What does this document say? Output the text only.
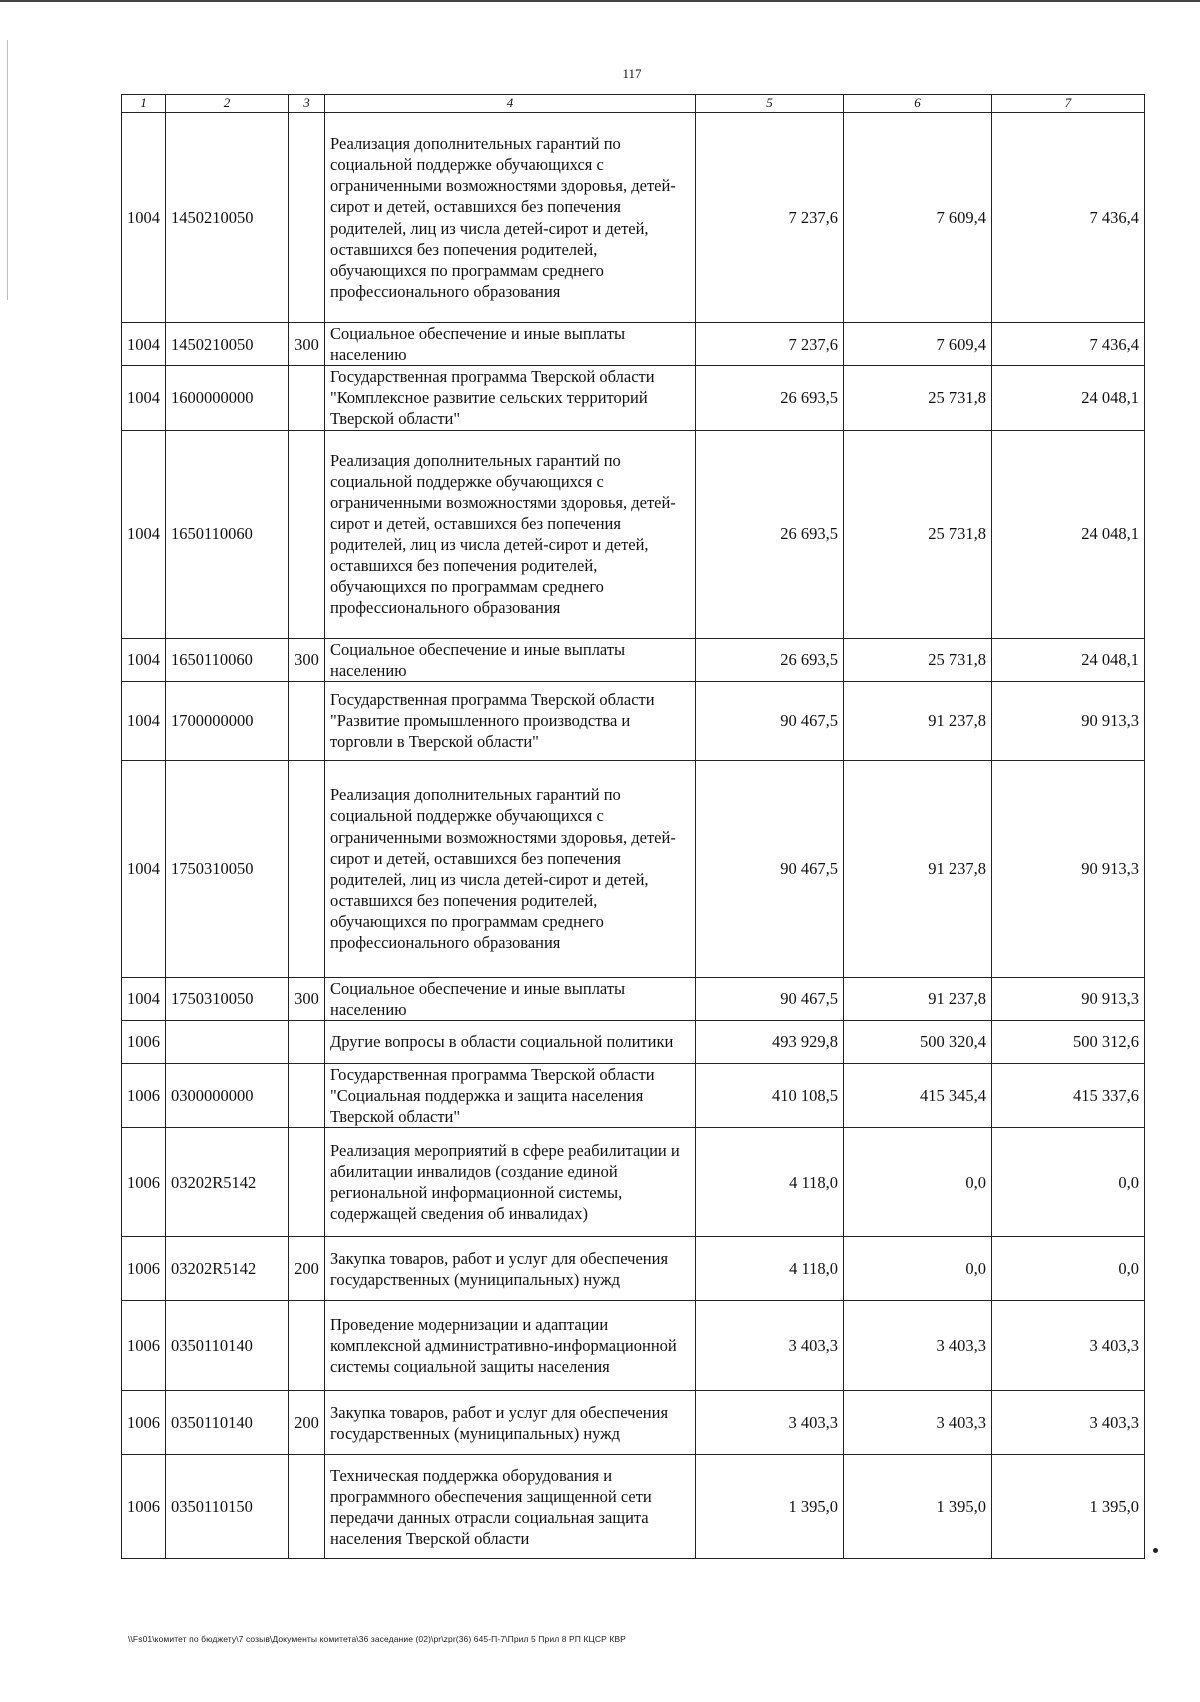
117
1	2	3	4	5	6	7
1004	1450210050		Реализация дополнительных гарантий по социальной поддержке обучающихся с ограниченными возможностями здоровья, детей-сирот и детей, оставшихся без попечения родителей, лиц из числа детей-сирот и детей, оставшихся без попечения родителей, обучающихся по программам среднего профессионального образования	7 237,6	7 609,4	7 436,4
1004	1450210050	300	Социальное обеспечение и иные выплаты населению	7 237,6	7 609,4	7 436,4
1004	1600000000		Государственная программа Тверской области "Комплексное развитие сельских территорий Тверской области"	26 693,5	25 731,8	24 048,1
1004	1650110060		Реализация дополнительных гарантий по социальной поддержке обучающихся с ограниченными возможностями здоровья, детей-сирот и детей, оставшихся без попечения родителей, лиц из числа детей-сирот и детей, оставшихся без попечения родителей, обучающихся по программам среднего профессионального образования	26 693,5	25 731,8	24 048,1
1004	1650110060	300	Социальное обеспечение и иные выплаты населению	26 693,5	25 731,8	24 048,1
1004	1700000000		Государственная программа Тверской области "Развитие промышленного производства и торговли в Тверской области"	90 467,5	91 237,8	90 913,3
1004	1750310050		Реализация дополнительных гарантий по социальной поддержке обучающихся с ограниченными возможностями здоровья, детей-сирот и детей, оставшихся без попечения родителей, лиц из числа детей-сирот и детей, оставшихся без попечения родителей, обучающихся по программам среднего профессионального образования	90 467,5	91 237,8	90 913,3
1004	1750310050	300	Социальное обеспечение и иные выплаты населению	90 467,5	91 237,8	90 913,3
1006			Другие вопросы в области социальной политики	493 929,8	500 320,4	500 312,6
1006	0300000000		Государственная программа Тверской области "Социальная поддержка и защита населения Тверской области"	410 108,5	415 345,4	415 337,6
1006	03202R5142		Реализация мероприятий в сфере реабилитации и абилитации инвалидов (создание единой региональной информационной системы, содержащей сведения об инвалидах)	4 118,0	0,0	0,0
1006	03202R5142	200	Закупка товаров, работ и услуг для обеспечения государственных (муниципальных) нужд	4 118,0	0,0	0,0
1006	0350110140		Проведение модернизации и адаптации комплексной административно-информационной системы социальной защиты населения	3 403,3	3 403,3	3 403,3
1006	0350110140	200	Закупка товаров, работ и услуг для обеспечения государственных (муниципальных) нужд	3 403,3	3 403,3	3 403,3
1006	0350110150		Техническая поддержка оборудования и программного обеспечения защищенной сети передачи данных отрасли социальная защита населения Тверской области	1 395,0	1 395,0	1 395,0
\\Fs01\комитет по бюджету\7 созыв\Документы комитета\36 заседание (02)\pr\zpr(36) 645-П-7\Прил 5 Прил 8 РП КЦСР КВР
